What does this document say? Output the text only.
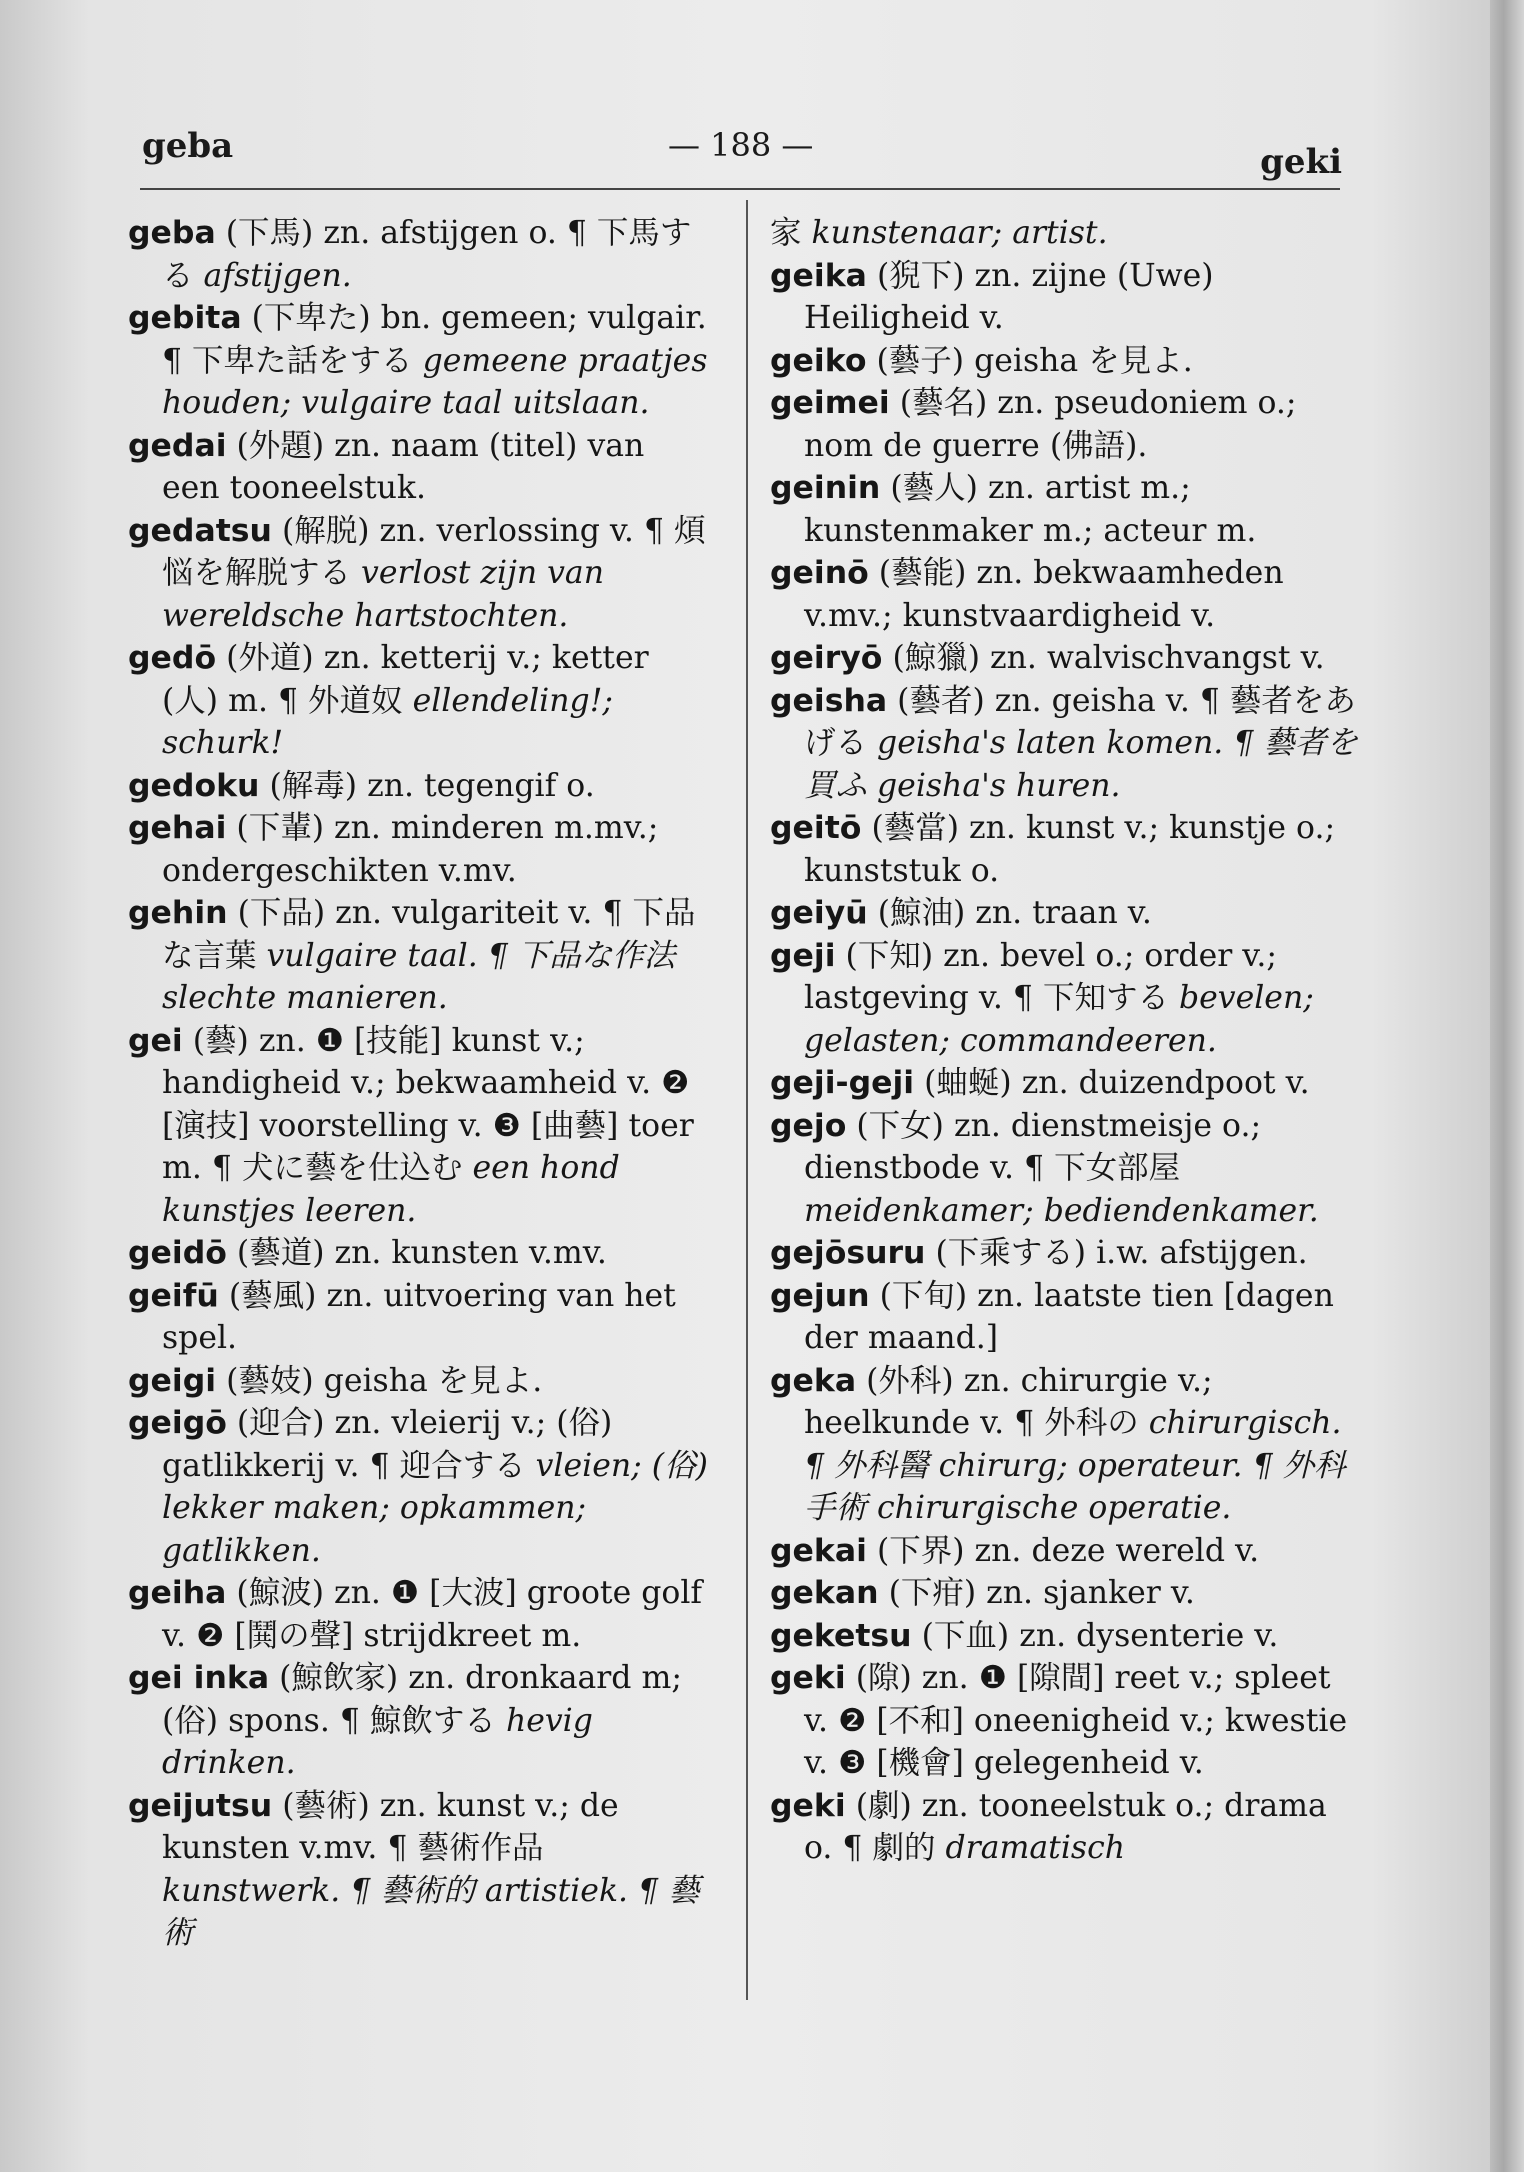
geba	— 188 —	geki

geba (下馬) zn. afstijgen o. ¶ 下馬する afstijgen.

gebita (下卑た) bn. gemeen; vulgair. ¶ 下卑た話をする gemeene praatjes houden; vulgaire taal uitslaan.

gedai (外題) zn. naam (titel) van een tooneelstuk.

gedatsu (解脱) zn. verlossing v. ¶ 煩悩を解脱する verlost zijn van wereldsche hartstochten.

gedō (外道) zn. ketterij v.; ketter (人) m. ¶ 外道奴 ellendeling!; schurk!

gedoku (解毒) zn. tegengif o.

gehai (下輩) zn. minderen m.mv.; ondergeschikten v.mv.

gehin (下品) zn. vulgariteit v. ¶ 下品な言葉 vulgaire taal. ¶ 下品な作法 slechte manieren.

gei (藝) zn. ❶ [技能] kunst v.; handigheid v.; bekwaamheid v. ❷ [演技] voorstelling v. ❸ [曲藝] toer m. ¶ 犬に藝を仕込む een hond kunstjes leeren.

geidō (藝道) zn. kunsten v.mv.

geifū (藝風) zn. uitvoering van het spel.

geigi (藝妓) geisha を見よ.

geigō (迎合) zn. vleierij v.; (俗) gatlikkerij v. ¶ 迎合する vleien; (俗) lekker maken; opkammen; gatlikken.

geiha (鯨波) zn. ❶ [大波] groote golf v. ❷ [鬨の聲] strijdkreet m.

gei inka (鯨飲家) zn. dronkaard m; (俗) spons. ¶ 鯨飲する hevig drinken.

geijutsu (藝術) zn. kunst v.; de kunsten v.mv. ¶ 藝術作品 kunstwerk. ¶ 藝術的 artistiek. ¶ 藝術

家 kunstenaar; artist.

geika (猊下) zn. zijne (Uwe) Heiligheid v.

geiko (藝子) geisha を見よ.

geimei (藝名) zn. pseudoniem o.; nom de guerre (佛語).

geinin (藝人) zn. artist m.; kunstenmaker m.; acteur m.

geinō (藝能) zn. bekwaamheden v.mv.; kunstvaardigheid v.

geiryō (鯨獵) zn. walvischvangst v.

geisha (藝者) zn. geisha v. ¶ 藝者をあげる geisha's laten komen. ¶ 藝者を買ふ geisha's huren.

geitō (藝當) zn. kunst v.; kunstje o.; kunststuk o.

geiyū (鯨油) zn. traan v.

geji (下知) zn. bevel o.; order v.; lastgeving v. ¶ 下知する bevelen; gelasten; commandeeren.

geji-geji (蚰蜒) zn. duizendpoot v.

gejo (下女) zn. dienstmeisje o.; dienstbode v. ¶ 下女部屋 meidenkamer; bediendenkamer.

gejōsuru (下乘する) i.w. afstijgen.

gejun (下旬) zn. laatste tien [dagen der maand.]

geka (外科) zn. chirurgie v.; heelkunde v. ¶ 外科の chirurgisch. ¶ 外科醫 chirurg; operateur. ¶ 外科手術 chirurgische operatie.

gekai (下界) zn. deze wereld v.

gekan (下疳) zn. sjanker v.

geketsu (下血) zn. dysenterie v.

geki (隙) zn. ❶ [隙間] reet v.; spleet v. ❷ [不和] oneenigheid v.; kwestie v. ❸ [機會] gelegenheid v.

geki (劇) zn. tooneelstuk o.; drama o. ¶ 劇的 dramatisch
